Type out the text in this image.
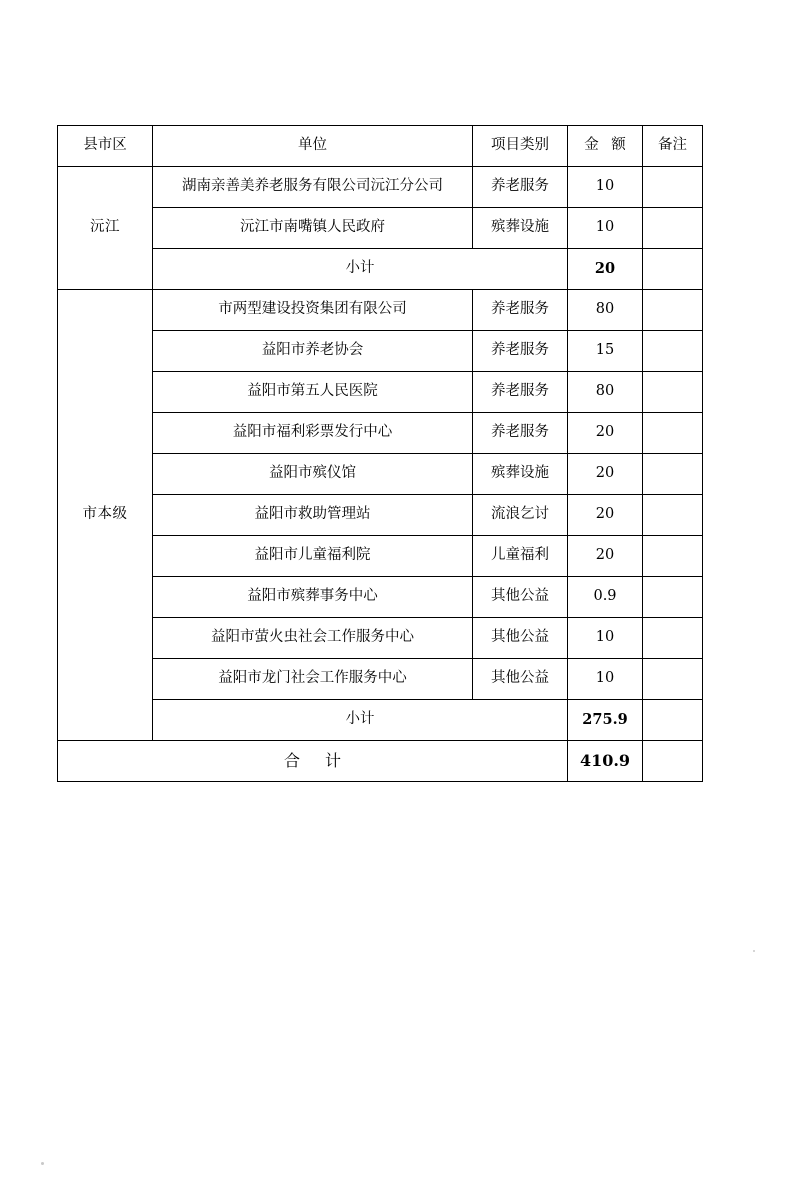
县市区	单位	项目类别	金 额	备注
沅江	湖南亲善美养老服务有限公司沅江分公司	养老服务	10	
	沅江市南嘴镇人民政府	殡葬设施	10	
	小计		20	
市本级	市两型建设投资集团有限公司	养老服务	80	
	益阳市养老协会	养老服务	15	
	益阳市第五人民医院	养老服务	80	
	益阳市福利彩票发行中心	养老服务	20	
	益阳市殡仪馆	殡葬设施	20	
	益阳市救助管理站	流浪乞讨	20	
	益阳市儿童福利院	儿童福利	20	
	益阳市殡葬事务中心	其他公益	0.9	
	益阳市萤火虫社会工作服务中心	其他公益	10	
	益阳市龙门社会工作服务中心	其他公益	10	
	小计		275.9	
合 计			410.9	
